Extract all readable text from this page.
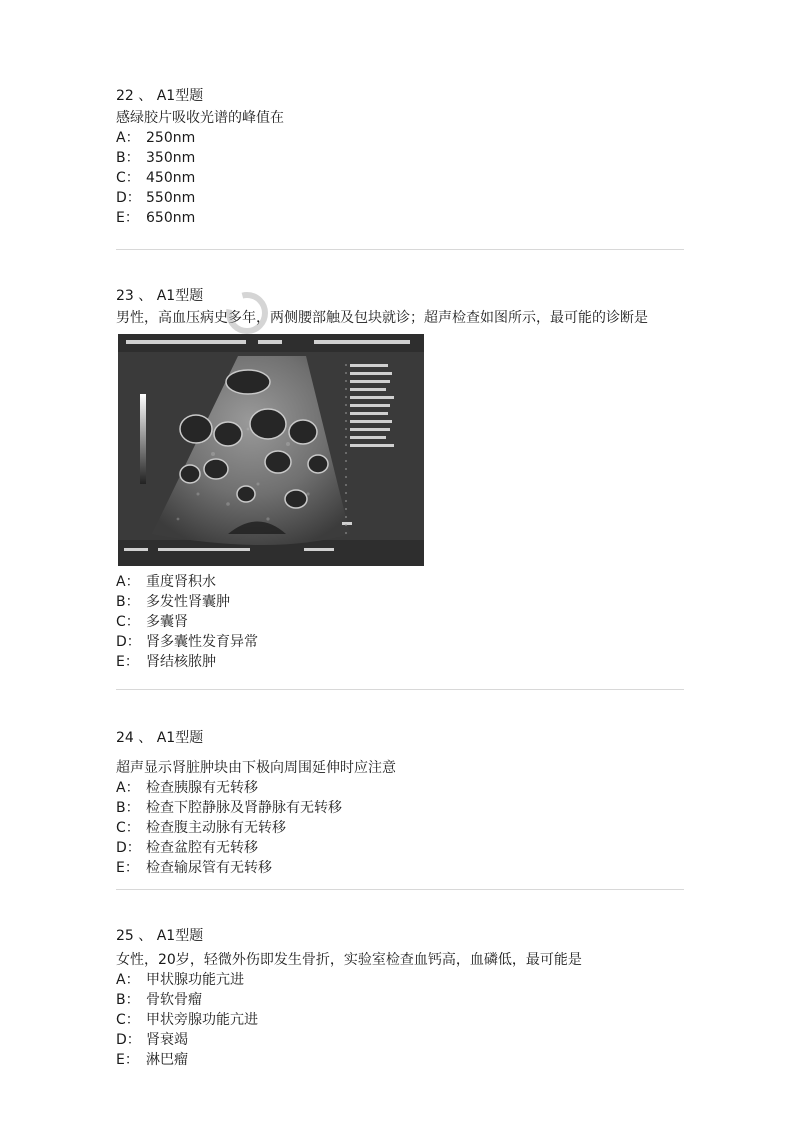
22 、 A1型题

感绿胶片吸收光谱的峰值在

A： 250nm
B： 350nm
C： 450nm
D： 550nm
E： 650nm

23 、 A1型题

男性，高血压病史多年，两侧腰部触及包块就诊；超声检查如图所示，最可能的诊断是

A： 重度肾积水
B： 多发性肾囊肿
C： 多囊肾
D： 肾多囊性发育异常
E： 肾结核脓肿

24 、 A1型题

超声显示肾脏肿块由下极向周围延伸时应注意

A： 检查胰腺有无转移
B： 检查下腔静脉及肾静脉有无转移
C： 检查腹主动脉有无转移
D： 检查盆腔有无转移
E： 检查输尿管有无转移

25 、 A1型题

女性，20岁，轻微外伤即发生骨折，实验室检查血钙高，血磷低，最可能是

A： 甲状腺功能亢进
B： 骨软骨瘤
C： 甲状旁腺功能亢进
D： 肾衰竭
E： 淋巴瘤
